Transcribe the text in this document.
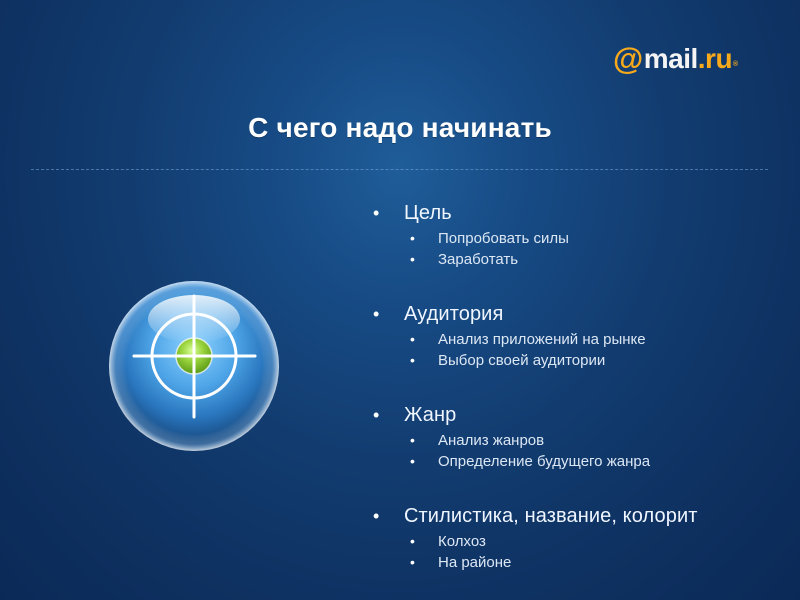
@ mail . ru®
С чего надо начинать
•	Цель
•	Попробовать силы
•	Заработать
•	Аудитория
•	Анализ приложений на рынке
•	Выбор своей аудитории
•	Жанр
•	Анализ жанров
•	Определение будущего жанра
•	Стилистика, название, колорит
•	Колхоз
•	На районе
